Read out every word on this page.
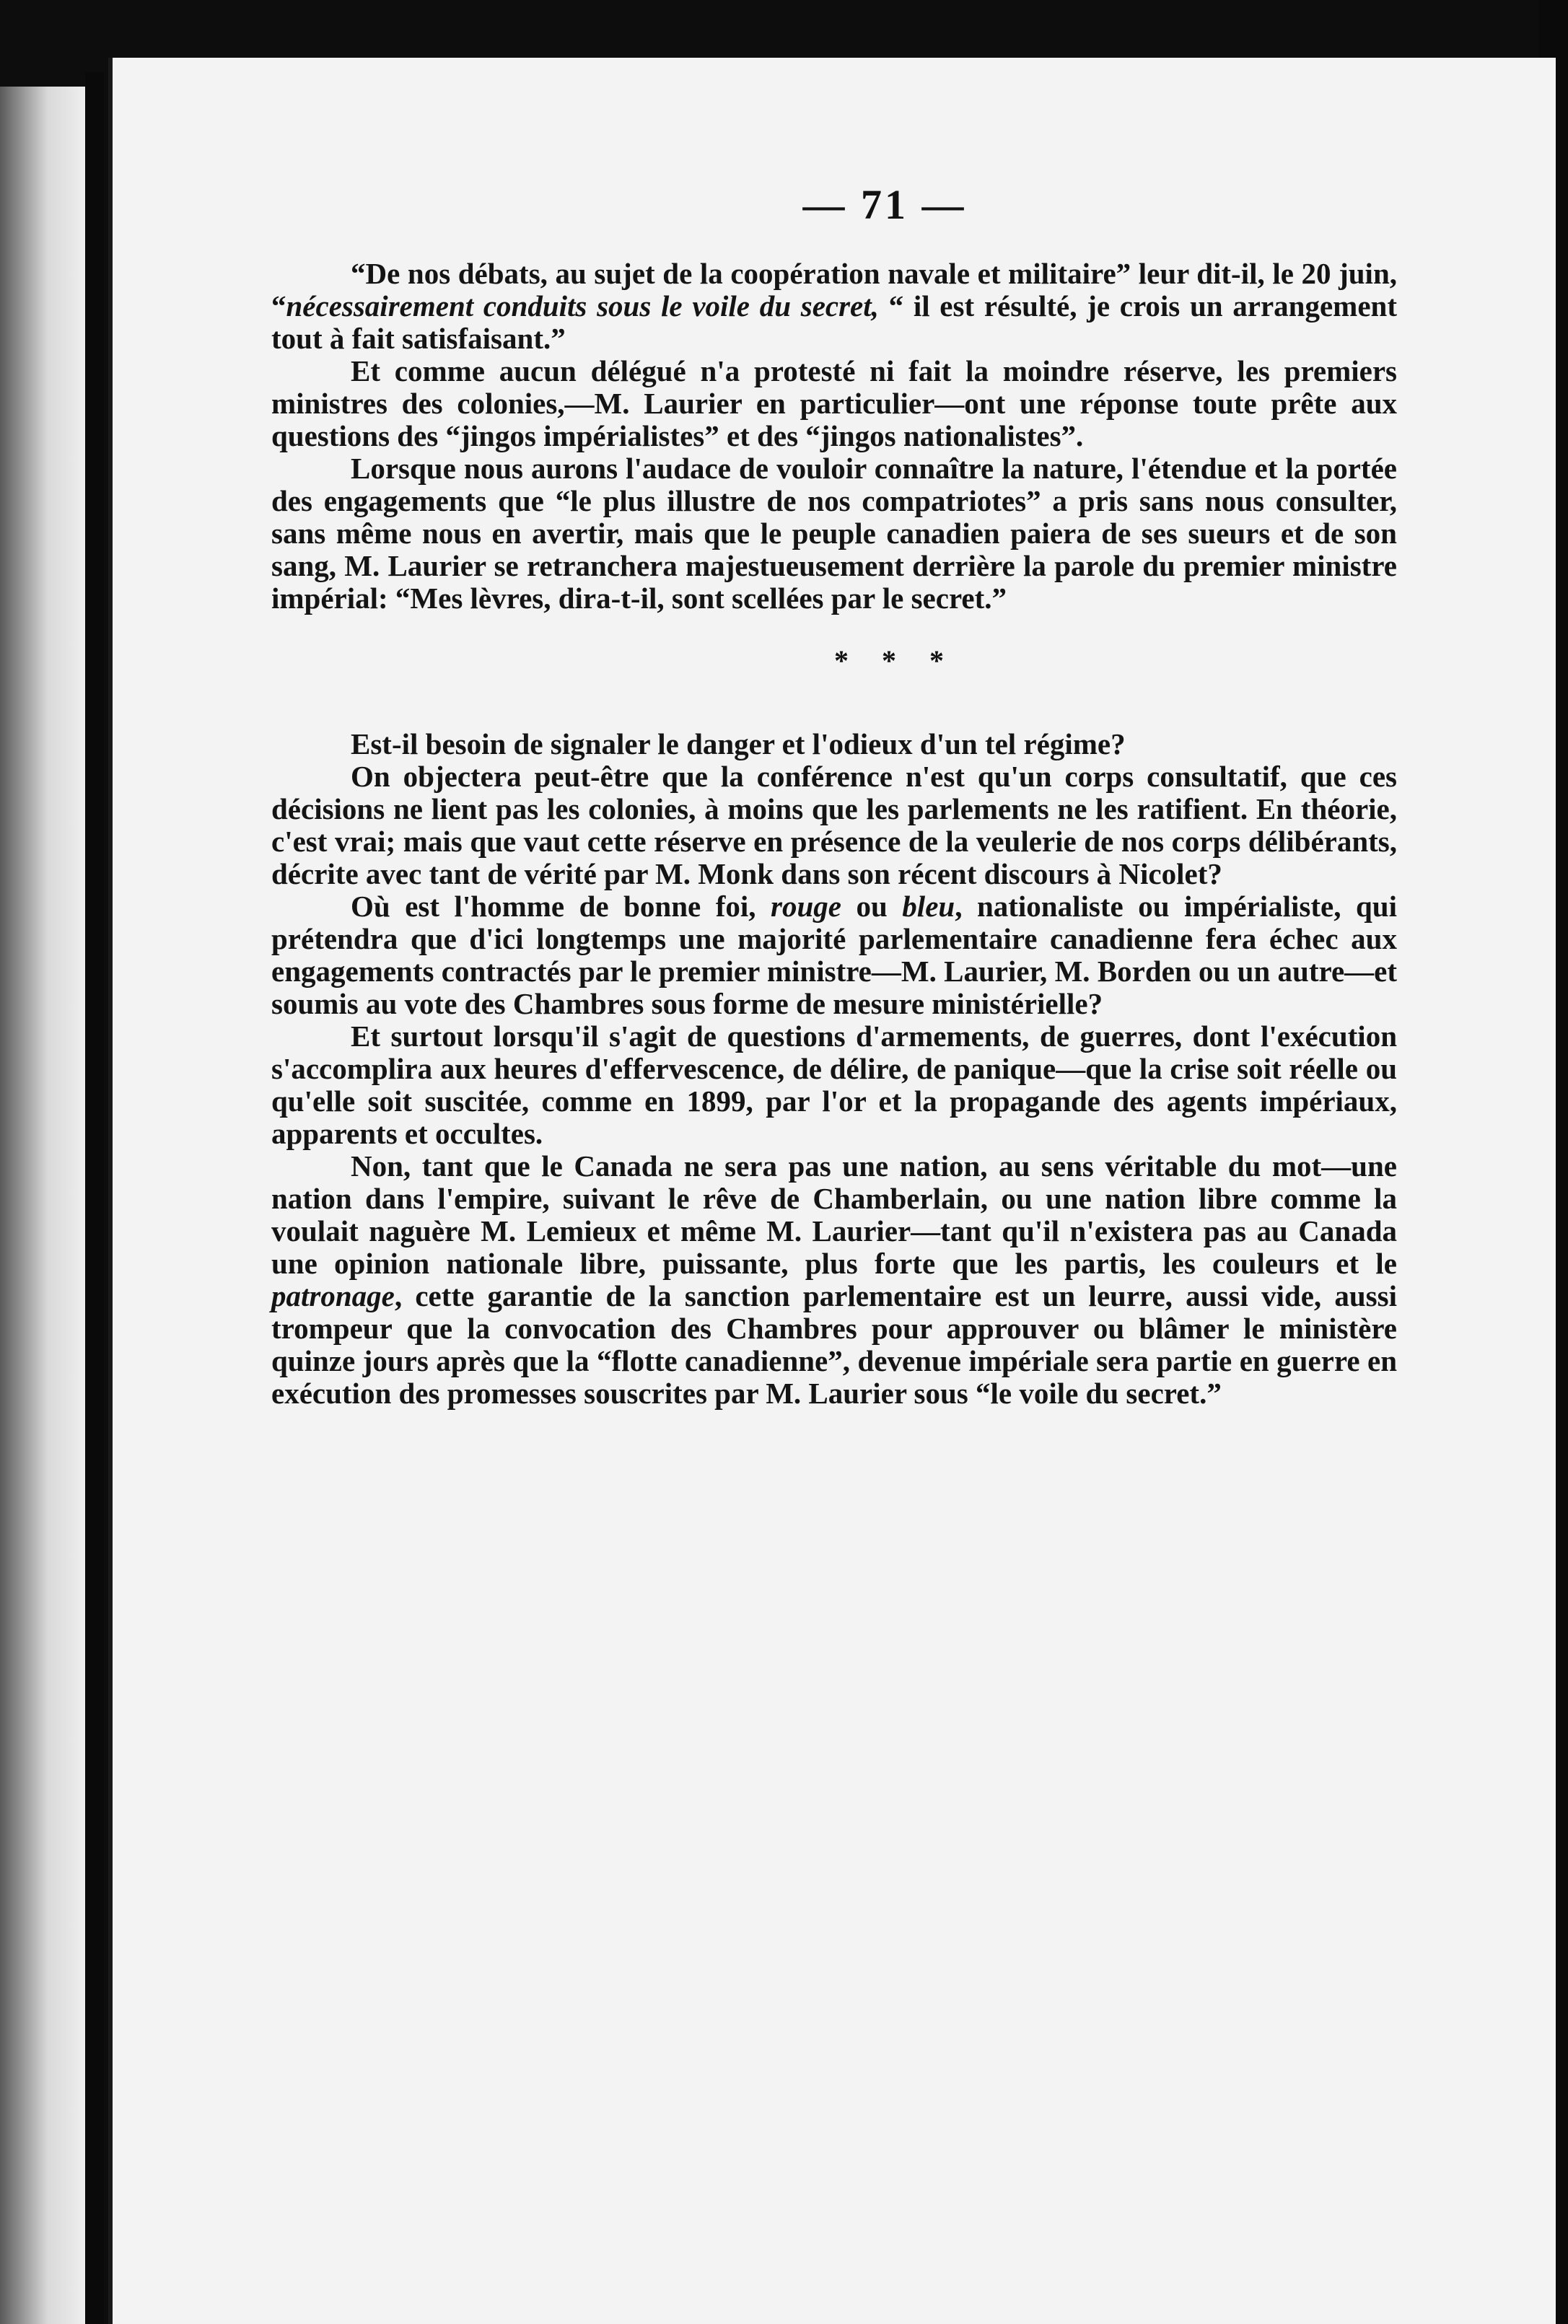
— 71 —

“De nos débats, au sujet de la coopération navale et militaire” leur dit-il, le 20 juin, “nécessairement conduits sous le voile du secret, “ il est résulté, je crois un arrangement tout à fait satisfaisant.”

Et comme aucun délégué n'a protesté ni fait la moindre réserve, les premiers ministres des colonies,—M. Laurier en particulier—ont une réponse toute prête aux questions des “jingos impérialistes” et des “jingos nationalistes”.

Lorsque nous aurons l'audace de vouloir connaître la nature, l'étendue et la portée des engagements que “le plus illustre de nos compatriotes” a pris sans nous consulter, sans même nous en avertir, mais que le peuple canadien paiera de ses sueurs et de son sang, M. Laurier se retranchera majestueusement derrière la parole du premier ministre impérial: “Mes lèvres, dira-t-il, sont scellées par le secret.”

* * *

Est-il besoin de signaler le danger et l'odieux d'un tel régime?

On objectera peut-être que la conférence n'est qu'un corps consultatif, que ces décisions ne lient pas les colonies, à moins que les parlements ne les ratifient. En théorie, c'est vrai; mais que vaut cette réserve en présence de la veulerie de nos corps délibérants, décrite avec tant de vérité par M. Monk dans son récent discours à Nicolet?

Où est l'homme de bonne foi, rouge ou bleu, nationaliste ou impérialiste, qui prétendra que d'ici longtemps une majorité parlementaire canadienne fera échec aux engagements contractés par le premier ministre—M. Laurier, M. Borden ou un autre—et soumis au vote des Chambres sous forme de mesure ministérielle?

Et surtout lorsqu'il s'agit de questions d'armements, de guerres, dont l'exécution s'accomplira aux heures d'effervescence, de délire, de panique—que la crise soit réelle ou qu'elle soit suscitée, comme en 1899, par l'or et la propagande des agents impériaux, apparents et occultes.

Non, tant que le Canada ne sera pas une nation, au sens véritable du mot—une nation dans l'empire, suivant le rêve de Chamberlain, ou une nation libre comme la voulait naguère M. Lemieux et même M. Laurier—tant qu'il n'existera pas au Canada une opinion nationale libre, puissante, plus forte que les partis, les couleurs et le patronage, cette garantie de la sanction parlementaire est un leurre, aussi vide, aussi trompeur que la convocation des Chambres pour approuver ou blâmer le ministère quinze jours après que la “flotte canadienne”, devenue impériale sera partie en guerre en exécution des promesses souscrites par M. Laurier sous “le voile du secret.”
